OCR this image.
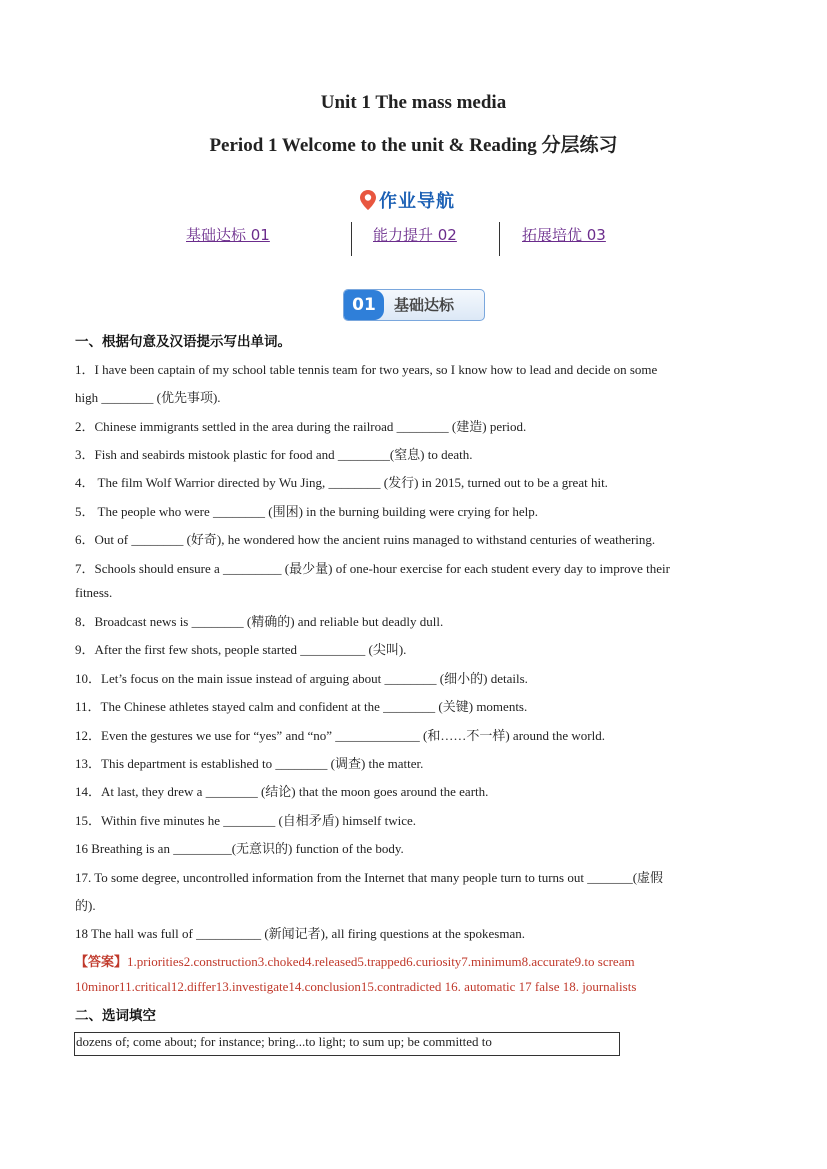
Unit 1 The mass media
Period 1 Welcome to the unit & Reading 分层练习
作业导航
基础达标 01	能力提升 02	拓展培优 03
01	基础达标
一、根据句意及汉语提示写出单词。
1．I have been captain of my school table tennis team for two years, so I know how to lead and decide on some
high ________ (优先事项).
2．Chinese immigrants settled in the area during the railroad ________ (建造) period.
3．Fish and seabirds mistook plastic for food and ________(窒息) to death.
4． The film Wolf Warrior directed by Wu Jing, ________ (发行) in 2015, turned out to be a great hit.
5． The people who were ________ (围困) in the burning building were crying for help.
6．Out of ________ (好奇), he wondered how the ancient ruins managed to withstand centuries of weathering.
7．Schools should ensure a _________ (最少量) of one-hour exercise for each student every day to improve their
fitness.
8．Broadcast news is ________ (精确的) and reliable but deadly dull.
9．After the first few shots, people started __________ (尖叫).
10．Let’s focus on the main issue instead of arguing about ________ (细小的) details.
11．The Chinese athletes stayed calm and confident at the ________ (关键) moments.
12．Even the gestures we use for “yes” and “no” _____________ (和……不一样) around the world.
13．This department is established to ________ (调查) the matter.
14．At last, they drew a ________ (结论) that the moon goes around the earth.
15．Within five minutes he ________ (自相矛盾) himself twice.
16 Breathing is an _________(无意识的) function of the body.
17. To some degree, uncontrolled information from the Internet that many people turn to turns out _______(虚假
的).
18 The hall was full of __________ (新闻记者), all firing questions at the spokesman.
【答案】1.priorities2.construction3.choked4.released5.trapped6.curiosity7.minimum8.accurate9.to scream
10minor11.critical12.differ13.investigate14.conclusion15.contradicted 16. automatic 17 false 18. journalists
二、选词填空
dozens of; come about; for instance; bring...to light; to sum up; be committed to
